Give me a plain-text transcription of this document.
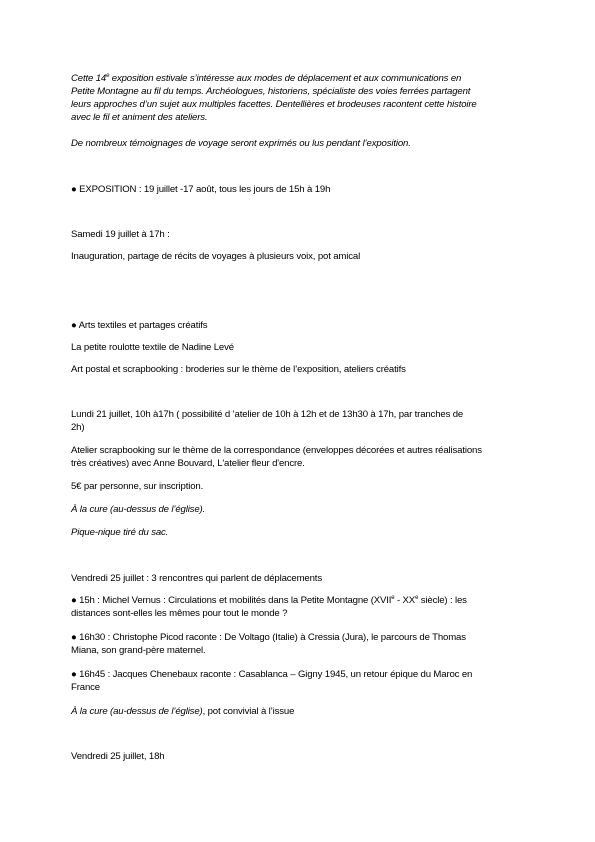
Cette 14e exposition estivale s’intéresse aux modes de déplacement et aux communications en
Petite Montagne au fil du temps. Archéologues, historiens, spécialiste des voies ferrées partagent
leurs approches d’un sujet aux multiples facettes. Dentellières et brodeuses racontent cette histoire
avec le fil et animent des ateliers.
De nombreux témoignages de voyage seront exprimés ou lus pendant l’exposition.
● EXPOSITION : 19 juillet -17 août, tous les jours de 15h à 19h
Samedi 19 juillet à 17h :
Inauguration, partage de récits de voyages à plusieurs voix, pot amical
● Arts textiles et partages créatifs
La petite roulotte textile de Nadine Levé
Art postal et scrapbooking : broderies sur le thème de l’exposition, ateliers créatifs
Lundi 21 juillet, 10h à17h ( possibilité d ’atelier de 10h à 12h et de 13h30 à 17h, par tranches de
2h)
Atelier scrapbooking sur le thème de la correspondance (enveloppes décorées et autres réalisations
très créatives) avec Anne Bouvard, L'atelier fleur d'encre.
5€ par personne, sur inscription.
À la cure (au-dessus de l’église).
Pique-nique tiré du sac.
Vendredi 25 juillet : 3 rencontres qui parlent de déplacements
● 15h : Michel Vernus : Circulations et mobilités dans la Petite Montagne (XVIIe - XXe siècle) : les
distances sont-elles les mêmes pour tout le monde ?
● 16h30 : Christophe Picod raconte : De Voltago (Italie) à Cressia (Jura), le parcours de Thomas
Miana, son grand-père maternel.
● 16h45 : Jacques Chenebaux raconte : Casablanca – Gigny 1945, un retour épique du Maroc en
France
À la cure (au-dessus de l’église), pot convivial à l’issue
Vendredi 25 juillet, 18h
